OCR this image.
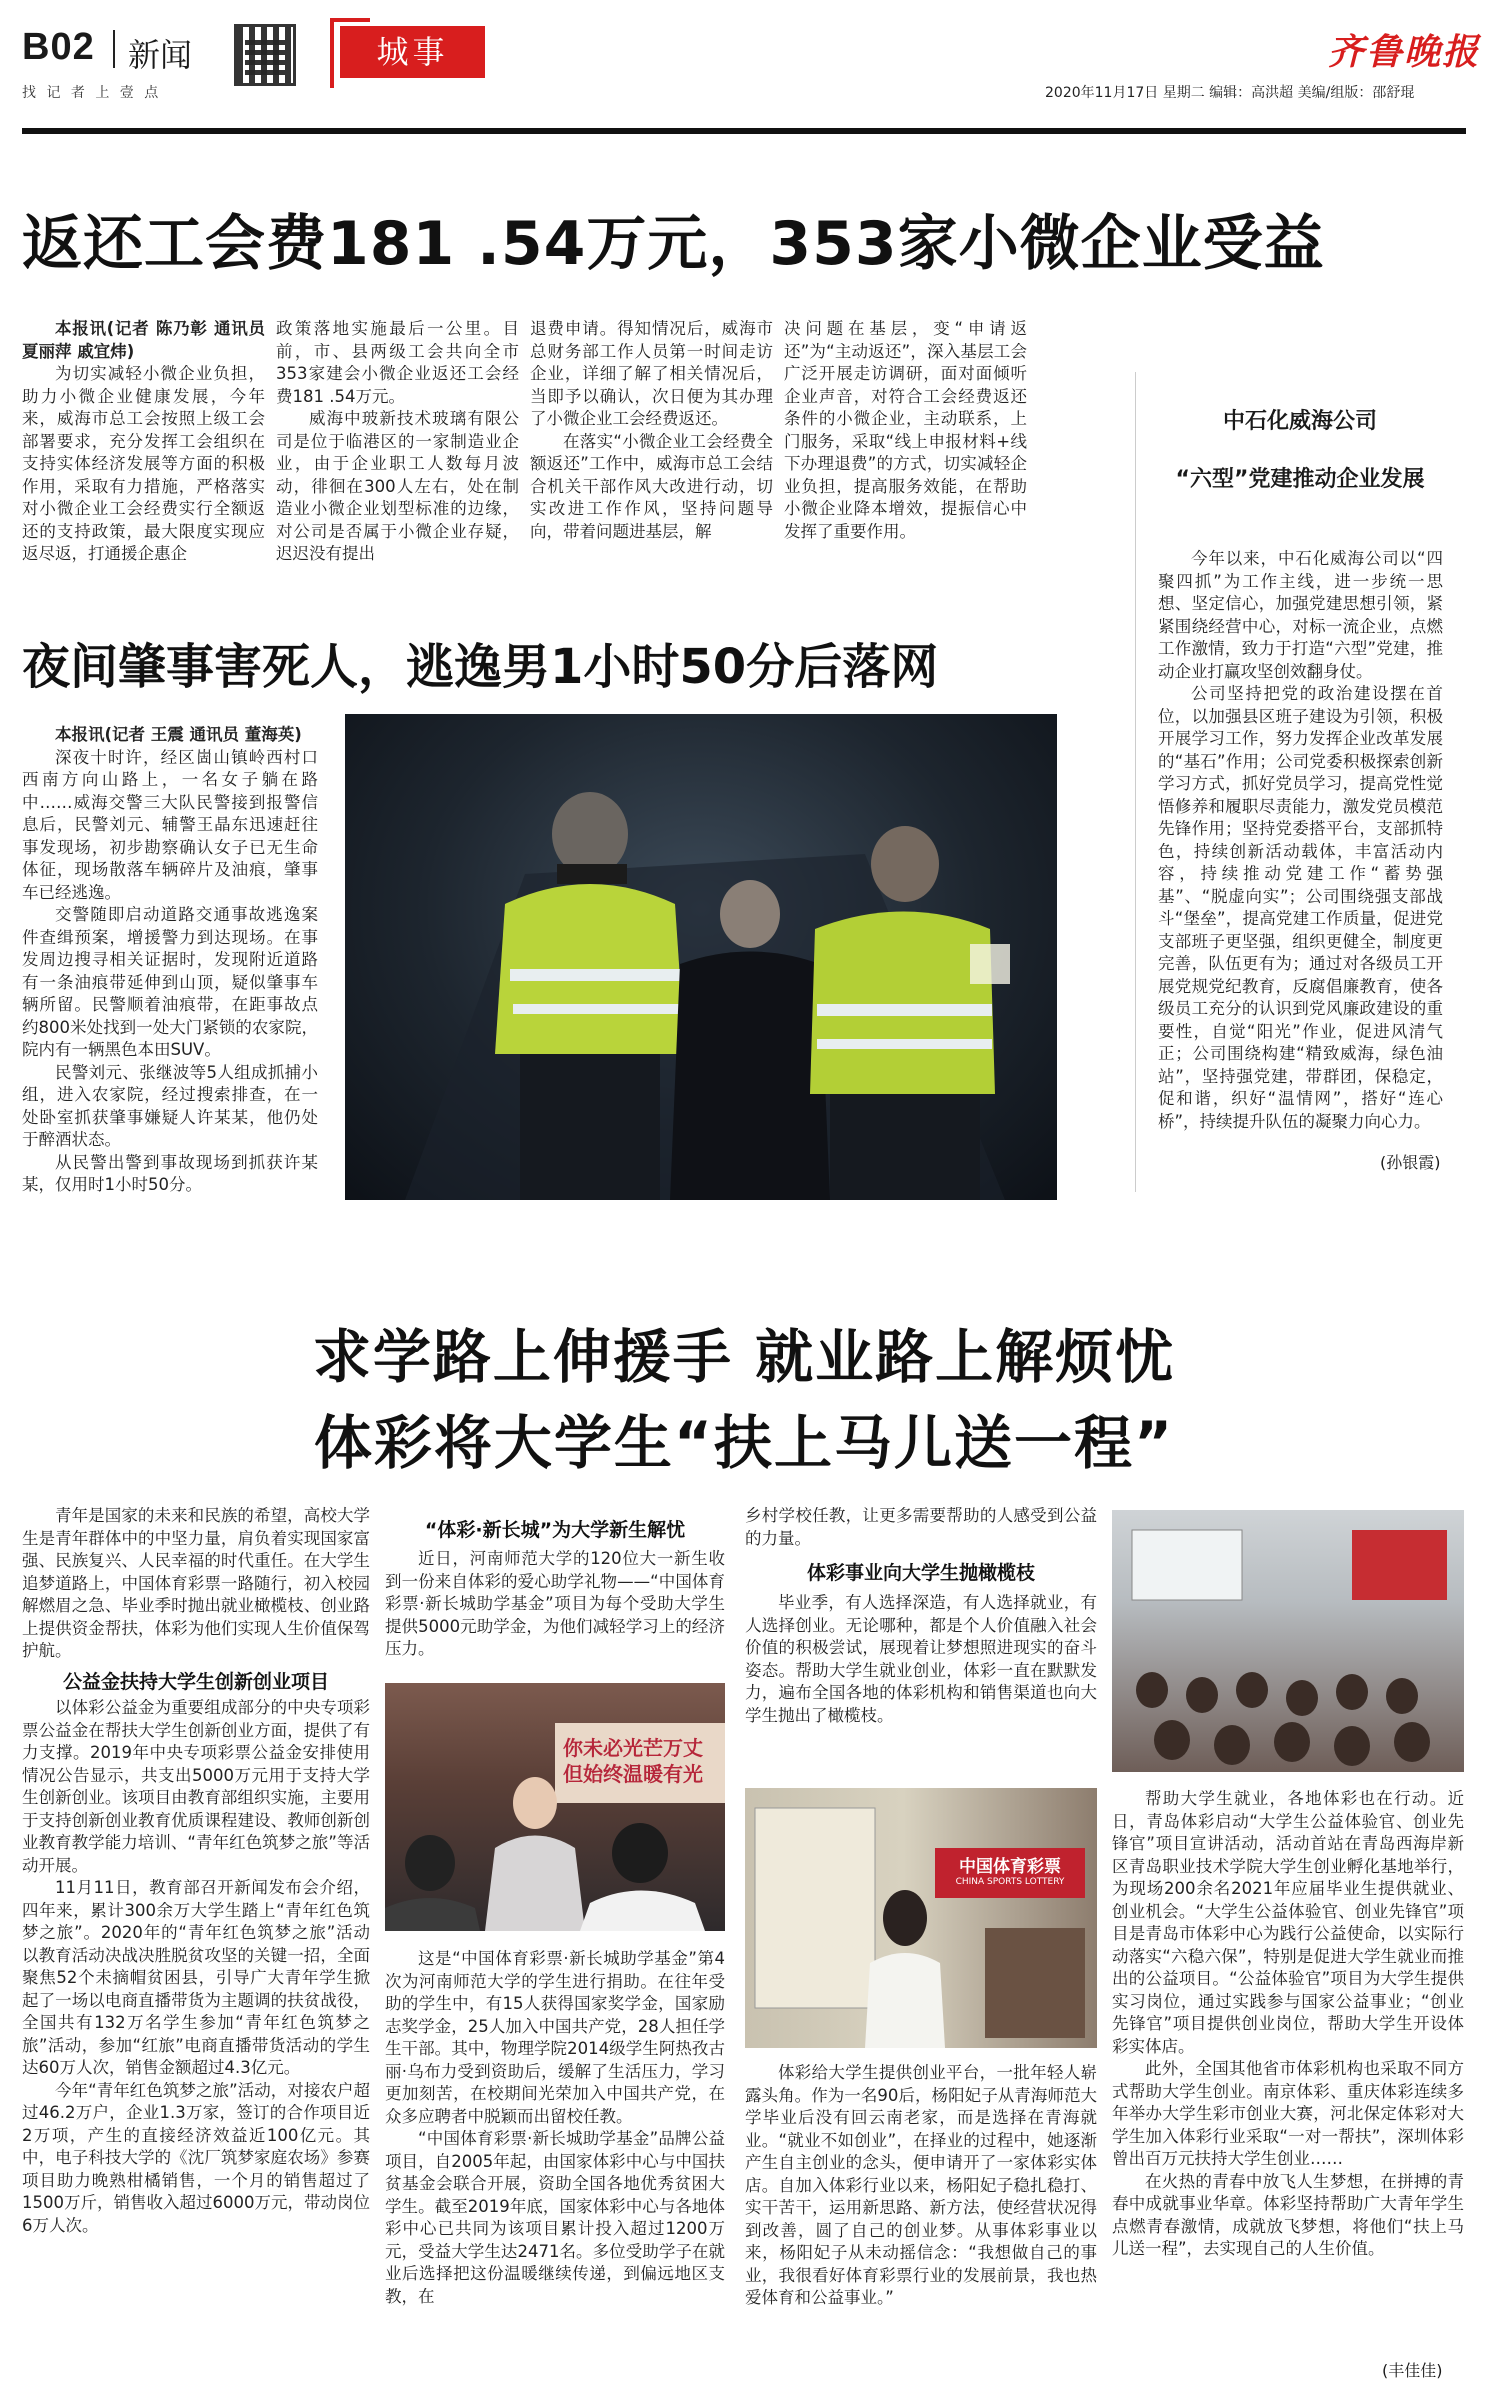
B02 新闻
找 记 者 上 壹 点
城事	齐鲁晚报
2020年11月17日 星期二 编辑：高洪超 美编/组版：邵舒琨
返还工会费181 .54万元，353家小微企业受益
本报讯(记者 陈乃彰 通讯员 夏丽萍 戚宜炜)
为切实减轻小微企业负担，助力小微企业健康发展，今年来，威海市总工会按照上级工会部署要求，充分发挥工会组织在支持实体经济发展等方面的积极作用，采取有力措施，严格落实对小微企业工会经费实行全额返还的支持政策，最大限度实现应返尽返，打通援企惠企
政策落地实施最后一公里。目前，市、县两级工会共向全市353家建会小微企业返还工会经费181 .54万元。
威海中玻新技术玻璃有限公司是位于临港区的一家制造业企业，由于企业职工人数每月波动，徘徊在300人左右，处在制造业小微企业划型标准的边缘，对公司是否属于小微企业存疑，迟迟没有提出
退费申请。得知情况后，威海市总财务部工作人员第一时间走访企业，详细了解了相关情况后，当即予以确认，次日便为其办理了小微企业工会经费返还。
在落实“小微企业工会经费全额返还”工作中，威海市总工会结合机关干部作风大改进行动，切实改进工作作风，坚持问题导向，带着问题进基层，解
决问题在基层，变“申请返还”为“主动返还”，深入基层工会广泛开展走访调研，面对面倾听企业声音，对符合工会经费返还条件的小微企业，主动联系，上门服务，采取“线上申报材料+线下办理退费”的方式，切实减轻企业负担，提高服务效能，在帮助小微企业降本增效，提振信心中发挥了重要作用。
夜间肇事害死人，逃逸男1小时50分后落网
本报讯(记者 王震 通讯员 董海英)
深夜十时许，经区崮山镇岭西村口西南方向山路上，一名女子躺在路中……威海交警三大队民警接到报警信息后，民警刘元、辅警王晶东迅速赶往事发现场，初步勘察确认女子已无生命体征，现场散落车辆碎片及油痕，肇事车已经逃逸。
交警随即启动道路交通事故逃逸案件查缉预案，增援警力到达现场。在事发周边搜寻相关证据时，发现附近道路有一条油痕带延伸到山顶，疑似肇事车辆所留。民警顺着油痕带，在距事故点约800米处找到一处大门紧锁的农家院，院内有一辆黑色本田SUV。
民警刘元、张继波等5人组成抓捕小组，进入农家院，经过搜索排查，在一处卧室抓获肇事嫌疑人许某某，他仍处于醉酒状态。
从民警出警到事故现场到抓获许某某，仅用时1小时50分。
中石化威海公司
“六型”党建推动企业发展
今年以来，中石化威海公司以“四聚四抓”为工作主线，进一步统一思想、坚定信心，加强党建思想引领，紧紧围绕经营中心，对标一流企业，点燃工作激情，致力于打造“六型”党建，推动企业打赢攻坚创效翻身仗。
公司坚持把党的政治建设摆在首位，以加强县区班子建设为引领，积极开展学习工作，努力发挥企业改革发展的“基石”作用；公司党委积极探索创新学习方式，抓好党员学习，提高党性觉悟修养和履职尽责能力，激发党员模范先锋作用；坚持党委搭平台，支部抓特色，持续创新活动载体，丰富活动内容，持续推动党建工作“蓄势强基”、“脱虚向实”；公司围绕强支部战斗“堡垒”，提高党建工作质量，促进党支部班子更坚强，组织更健全，制度更完善，队伍更有为；通过对各级员工开展党规党纪教育，反腐倡廉教育，使各级员工充分的认识到党风廉政建设的重要性，自觉“阳光”作业，促进风清气正；公司围绕构建“精致威海，绿色油站”，坚持强党建，带群团，保稳定，促和谐，织好“温情网”，搭好“连心桥”，持续提升队伍的凝聚力向心力。
(孙银霞)
求学路上伸援手 就业路上解烦忧
体彩将大学生“扶上马儿送一程”
青年是国家的未来和民族的希望，高校大学生是青年群体中的中坚力量，肩负着实现国家富强、民族复兴、人民幸福的时代重任。在大学生追梦道路上，中国体育彩票一路随行，初入校园解燃眉之急、毕业季时抛出就业橄榄枝、创业路上提供资金帮扶，体彩为他们实现人生价值保驾护航。
公益金扶持大学生创新创业项目
以体彩公益金为重要组成部分的中央专项彩票公益金在帮扶大学生创新创业方面，提供了有力支撑。2019年中央专项彩票公益金安排使用情况公告显示，共支出5000万元用于支持大学生创新创业。该项目由教育部组织实施，主要用于支持创新创业教育优质课程建设、教师创新创业教育教学能力培训、“青年红色筑梦之旅”等活动开展。
11月11日，教育部召开新闻发布会介绍，四年来，累计300余万大学生踏上“青年红色筑梦之旅”。2020年的“青年红色筑梦之旅”活动以教育活动决战决胜脱贫攻坚的关键一招，全面聚焦52个未摘帽贫困县，引导广大青年学生掀起了一场以电商直播带货为主题调的扶贫战役，全国共有132万名学生参加“青年红色筑梦之旅”活动，参加“红旅”电商直播带货活动的学生达60万人次，销售金额超过4.3亿元。
今年“青年红色筑梦之旅”活动，对接农户超过46.2万户，企业1.3万家，签订的合作项目近2万项，产生的直接经济效益近100亿元。其中，电子科技大学的《沈厂筑梦家庭农场》参赛项目助力晚熟柑橘销售，一个月的销售超过了1500万斤，销售收入超过6000万元，带动岗位6万人次。
“体彩·新长城”为大学新生解忧
近日，河南师范大学的120位大一新生收到一份来自体彩的爱心助学礼物——“中国体育彩票·新长城助学基金”项目为每个受助大学生提供5000元助学金，为他们减轻学习上的经济压力。
你未必光芒万丈 但始终温暖有光
这是“中国体育彩票·新长城助学基金”第4次为河南师范大学的学生进行捐助。在往年受助的学生中，有15人获得国家奖学金，国家励志奖学金，25人加入中国共产党，28人担任学生干部。其中，物理学院2014级学生阿热孜古丽·乌布力受到资助后，缓解了生活压力，学习更加刻苦，在校期间光荣加入中国共产党，在众多应聘者中脱颖而出留校任教。
“中国体育彩票·新长城助学基金”品牌公益项目，自2005年起，由国家体彩中心与中国扶贫基金会联合开展，资助全国各地优秀贫困大学生。截至2019年底，国家体彩中心与各地体彩中心已共同为该项目累计投入超过1200万元，受益大学生达2471名。多位受助学子在就业后选择把这份温暖继续传递，到偏远地区支教，在
乡村学校任教，让更多需要帮助的人感受到公益的力量。
体彩事业向大学生抛橄榄枝
毕业季，有人选择深造，有人选择就业，有人选择创业。无论哪种，都是个人价值融入社会价值的积极尝试，展现着让梦想照进现实的奋斗姿态。帮助大学生就业创业，体彩一直在默默发力，遍布全国各地的体彩机构和销售渠道也向大学生抛出了橄榄枝。
中国体育彩票
CHINA SPORTS LOTTERY
体彩给大学生提供创业平台，一批年轻人崭露头角。作为一名90后，杨阳妃子从青海师范大学毕业后没有回云南老家，而是选择在青海就业。“就业不如创业”，在择业的过程中，她逐渐产生自主创业的念头，便申请开了一家体彩实体店。自加入体彩行业以来，杨阳妃子稳扎稳打、实干苦干，运用新思路、新方法，使经营状况得到改善，圆了自己的创业梦。从事体彩事业以来，杨阳妃子从未动摇信念：“我想做自己的事业，我很看好体育彩票行业的发展前景，我也热爱体育和公益事业。”
帮助大学生就业，各地体彩也在行动。近日，青岛体彩启动“大学生公益体验官、创业先锋官”项目宣讲活动，活动首站在青岛西海岸新区青岛职业技术学院大学生创业孵化基地举行，为现场200余名2021年应届毕业生提供就业、创业机会。“大学生公益体验官、创业先锋官”项目是青岛市体彩中心为践行公益使命，以实际行动落实“六稳六保”，特别是促进大学生就业而推出的公益项目。“公益体验官”项目为大学生提供实习岗位，通过实践参与国家公益事业；“创业先锋官”项目提供创业岗位，帮助大学生开设体彩实体店。
此外，全国其他省市体彩机构也采取不同方式帮助大学生创业。南京体彩、重庆体彩连续多年举办大学生彩市创业大赛，河北保定体彩对大学生加入体彩行业采取“一对一帮扶”，深圳体彩曾出百万元扶持大学生创业……
在火热的青春中放飞人生梦想，在拼搏的青春中成就事业华章。体彩坚持帮助广大青年学生点燃青春激情，成就放飞梦想，将他们“扶上马儿送一程”，去实现自己的人生价值。
(丰佳佳)
